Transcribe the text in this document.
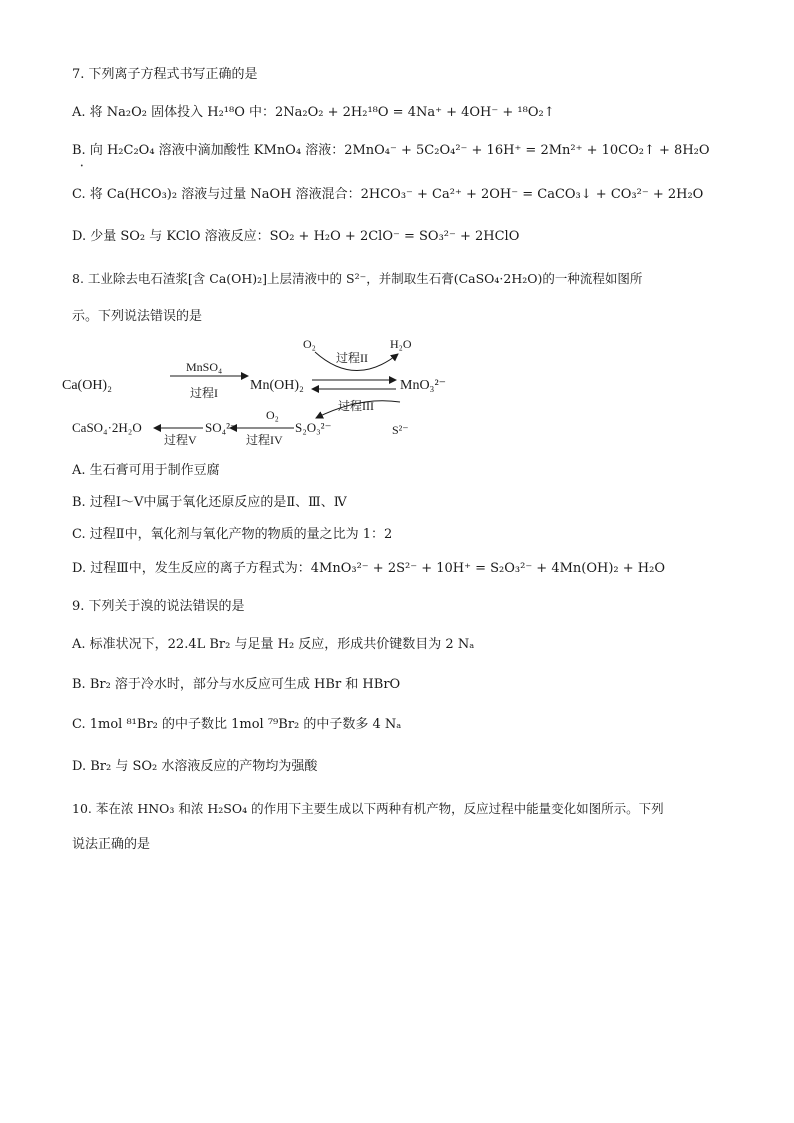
7. 下列离子方程式书写正确的是
A. 将 Na₂O₂ 固体投入 H₂¹⁸O 中：2Na₂O₂ + 2H₂¹⁸O = 4Na⁺ + 4OH⁻ + ¹⁸O₂↑
B. 向 H₂C₂O₄ 溶液中滴加酸性 KMnO₄ 溶液：2MnO₄⁻ + 5C₂O₄²⁻ + 16H⁺ = 2Mn²⁺ + 10CO₂↑ + 8H₂O
•
C. 将 Ca(HCO₃)₂ 溶液与过量 NaOH 溶液混合：2HCO₃⁻ + Ca²⁺ + 2OH⁻ = CaCO₃↓ + CO₃²⁻ + 2H₂O
D. 少量 SO₂ 与 KClO 溶液反应：SO₂ + H₂O + 2ClO⁻ = SO₃²⁻ + 2HClO
8. 工业除去电石渣浆[含 Ca(OH)₂]上层清液中的 S²⁻，并制取生石膏(CaSO₄·2H₂O)的一种流程如图所
示。下列说法错误的是
Ca(OH)₂
MnSO₄
过程I Mn(OH)₂
O₂	H₂O
过程II
MnO₃²⁻
过程III
S²⁻
S₂O₃²⁻
O₂
过程IV
SO₄²⁻
过程V
CaSO₄·2H₂O
A. 生石膏可用于制作豆腐
B. 过程Ⅰ～Ⅴ中属于氧化还原反应的是Ⅱ、Ⅲ、Ⅳ
C. 过程Ⅱ中，氧化剂与氧化产物的物质的量之比为 1：2
D. 过程Ⅲ中，发生反应的离子方程式为：4MnO₃²⁻ + 2S²⁻ + 10H⁺ = S₂O₃²⁻ + 4Mn(OH)₂ + H₂O
9. 下列关于溴的说法错误的是
A. 标准状况下，22.4L Br₂ 与足量 H₂ 反应，形成共价键数目为 2 Nₐ
B. Br₂ 溶于冷水时，部分与水反应可生成 HBr 和 HBrO
C. 1mol ⁸¹Br₂ 的中子数比 1mol ⁷⁹Br₂ 的中子数多 4 Nₐ
D. Br₂ 与 SO₂ 水溶液反应的产物均为强酸
10. 苯在浓 HNO₃ 和浓 H₂SO₄ 的作用下主要生成以下两种有机产物，反应过程中能量变化如图所示。下列
说法正确的是
